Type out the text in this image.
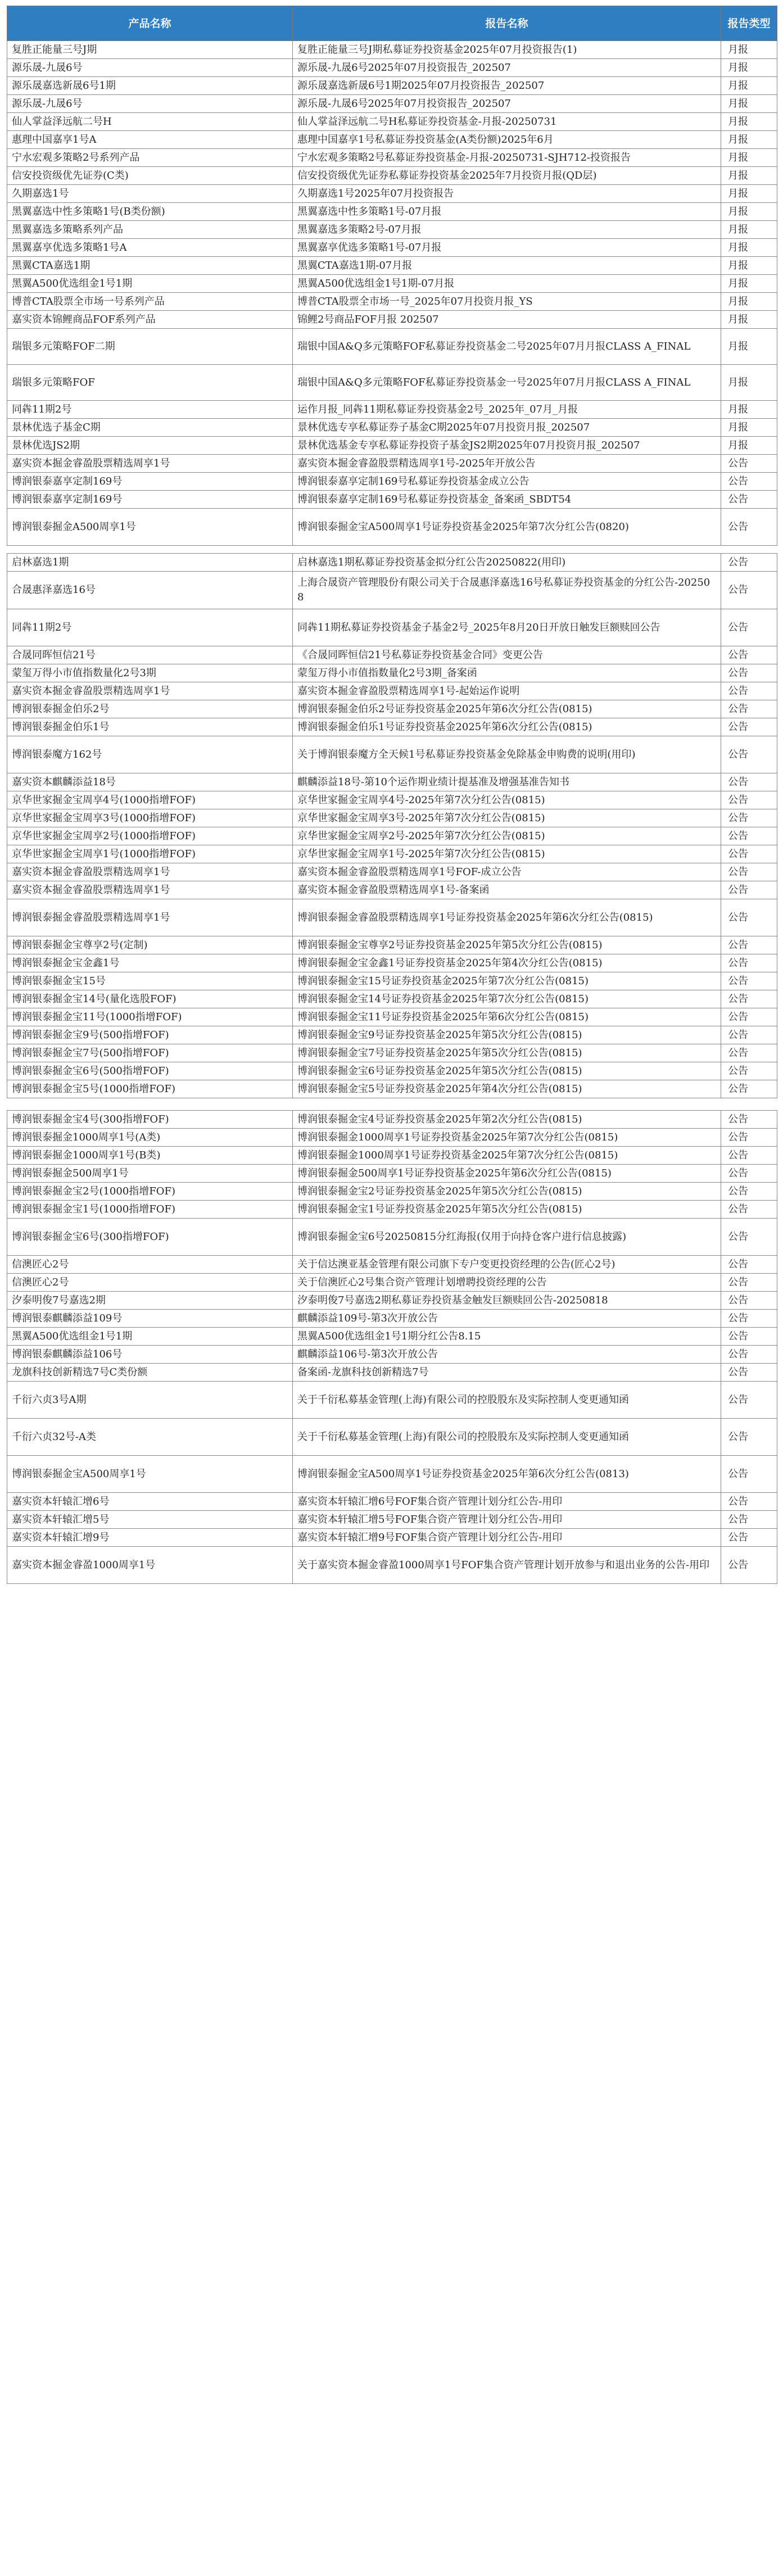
产品名称	报告名称	报告类型
复胜正能量三号J期	复胜正能量三号J期私募证券投资基金2025年07月投资报告(1)	月报
源乐晟-九晟6号	源乐晟-九晟6号2025年07月投资报告_202507	月报
源乐晟嘉选新晟6号1期	源乐晟嘉选新晟6号1期2025年07月投资报告_202507	月报
源乐晟-九晟6号	源乐晟-九晟6号2025年07月投资报告_202507	月报
仙人掌益泽远航二号H	仙人掌益泽远航二号H私募证券投资基金-月报-20250731	月报
惠理中国嘉享1号A	惠理中国嘉享1号私募证券投资基金(A类份额)2025年6月	月报
宁水宏观多策略2号系列产品	宁水宏观多策略2号私募证券投资基金-月报-20250731-SJH712-投资报告	月报
信安投资级优先证券(C类)	信安投资级优先证券私募证券投资基金2025年7月投资月报(QD层)	月报
久期嘉选1号	久期嘉选1号2025年07月投资报告	月报
黑翼嘉选中性多策略1号(B类份额)	黑翼嘉选中性多策略1号-07月报	月报
黑翼嘉选多策略系列产品	黑翼嘉选多策略2号-07月报	月报
黑翼嘉享优选多策略1号A	黑翼嘉享优选多策略1号-07月报	月报
黑翼CTA嘉选1期	黑翼CTA嘉选1期-07月报	月报
黑翼A500优选组金1号1期	黑翼A500优选组金1号1期-07月报	月报
博普CTA股票全市场一号系列产品	博普CTA股票全市场一号_2025年07月投资月报_YS	月报
嘉实资本锦鲤商品FOF系列产品	锦鲤2号商品FOF月报 202507	月报
瑞银多元策略FOF二期	瑞银中国A&Q多元策略FOF私募证券投资基金二号2025年07月月报CLASS A_FINAL	月报
瑞银多元策略FOF	瑞银中国A&Q多元策略FOF私募证券投资基金一号2025年07月月报CLASS A_FINAL	月报
同犇11期2号	运作月报_同犇11期私募证券投资基金2号_2025年_07月_月报	月报
景林优选子基金C期	景林优选专享私募证券子基金C期2025年07月投资月报_202507	月报
景林优选JS2期	景林优选基金专享私募证券投资子基金JS2期2025年07月投资月报_202507	月报
嘉实资本掘金睿盈股票精选周享1号	嘉实资本掘金睿盈股票精选周享1号-2025年开放公告	公告
博润银泰嘉享定制169号	博润银泰嘉享定制169号私募证券投资基金成立公告	公告
博润银泰嘉享定制169号	博润银泰嘉享定制169号私募证券投资基金_备案函_SBDT54	公告
博润银泰掘金A500周享1号	博润银泰掘金宝A500周享1号证券投资基金2025年第7次分红公告(0820)	公告

启林嘉选1期	启林嘉选1期私募证券投资基金拟分红公告20250822(用印)	公告
合晟惠泽嘉选16号	上海合晟资产管理股份有限公司关于合晟惠泽嘉选16号私募证券投资基金的分红公告-202508	公告
同犇11期2号	同犇11期私募证券投资基金子基金2号_2025年8月20日开放日触发巨额赎回公告	公告
合晟同晖恒信21号	《合晟同晖恒信21号私募证券投资基金合同》变更公告	公告
蒙玺万得小市值指数量化2号3期	蒙玺万得小市值指数量化2号3期_备案函	公告
嘉实资本掘金睿盈股票精选周享1号	嘉实资本掘金睿盈股票精选周享1号-起始运作说明	公告
博润银泰掘金伯乐2号	博润银泰掘金伯乐2号证券投资基金2025年第6次分红公告(0815)	公告
博润银泰掘金伯乐1号	博润银泰掘金伯乐1号证券投资基金2025年第6次分红公告(0815)	公告
博润银泰魔方162号	关于博润银泰魔方全天候1号私募证券投资基金免除基金申购费的说明(用印)	公告
嘉实资本麒麟添益18号	麒麟添益18号-第10个运作期业绩计提基准及增强基准告知书	公告
京华世家掘金宝周享4号(1000指增FOF)	京华世家掘金宝周享4号-2025年第7次分红公告(0815)	公告
京华世家掘金宝周享3号(1000指增FOF)	京华世家掘金宝周享3号-2025年第7次分红公告(0815)	公告
京华世家掘金宝周享2号(1000指增FOF)	京华世家掘金宝周享2号-2025年第7次分红公告(0815)	公告
京华世家掘金宝周享1号(1000指增FOF)	京华世家掘金宝周享1号-2025年第7次分红公告(0815)	公告
嘉实资本掘金睿盈股票精选周享1号	嘉实资本掘金睿盈股票精选周享1号FOF-成立公告	公告
嘉实资本掘金睿盈股票精选周享1号	嘉实资本掘金睿盈股票精选周享1号-备案函	公告
博润银泰掘金睿盈股票精选周享1号	博润银泰掘金睿盈股票精选周享1号证券投资基金2025年第6次分红公告(0815)	公告
博润银泰掘金宝尊享2号(定制)	博润银泰掘金宝尊享2号证券投资基金2025年第5次分红公告(0815)	公告
博润银泰掘金宝金鑫1号	博润银泰掘金宝金鑫1号证券投资基金2025年第4次分红公告(0815)	公告
博润银泰掘金宝15号	博润银泰掘金宝15号证券投资基金2025年第7次分红公告(0815)	公告
博润银泰掘金宝14号(量化选股FOF)	博润银泰掘金宝14号证券投资基金2025年第7次分红公告(0815)	公告
博润银泰掘金宝11号(1000指增FOF)	博润银泰掘金宝11号证券投资基金2025年第6次分红公告(0815)	公告
博润银泰掘金宝9号(500指增FOF)	博润银泰掘金宝9号证券投资基金2025年第5次分红公告(0815)	公告
博润银泰掘金宝7号(500指增FOF)	博润银泰掘金宝7号证券投资基金2025年第5次分红公告(0815)	公告
博润银泰掘金宝6号(500指增FOF)	博润银泰掘金宝6号证券投资基金2025年第5次分红公告(0815)	公告
博润银泰掘金宝5号(1000指增FOF)	博润银泰掘金宝5号证券投资基金2025年第4次分红公告(0815)	公告

博润银泰掘金宝4号(300指增FOF)	博润银泰掘金宝4号证券投资基金2025年第2次分红公告(0815)	公告
博润银泰掘金1000周享1号(A类)	博润银泰掘金1000周享1号证券投资基金2025年第7次分红公告(0815)	公告
博润银泰掘金1000周享1号(B类)	博润银泰掘金1000周享1号证券投资基金2025年第7次分红公告(0815)	公告
博润银泰掘金500周享1号	博润银泰掘金500周享1号证券投资基金2025年第6次分红公告(0815)	公告
博润银泰掘金宝2号(1000指增FOF)	博润银泰掘金宝2号证券投资基金2025年第5次分红公告(0815)	公告
博润银泰掘金宝1号(1000指增FOF)	博润银泰掘金宝1号证券投资基金2025年第5次分红公告(0815)	公告
博润银泰掘金宝6号(300指增FOF)	博润银泰掘金宝6号20250815分红海报(仅用于向持仓客户进行信息披露)	公告
信澳匠心2号	关于信达澳亚基金管理有限公司旗下专户变更投资经理的公告(匠心2号)	公告
信澳匠心2号	关于信澳匠心2号集合资产管理计划增聘投资经理的公告	公告
汐泰明俊7号嘉选2期	汐泰明俊7号嘉选2期私募证券投资基金触发巨额赎回公告-20250818	公告
博润银泰麒麟添益109号	麒麟添益109号-第3次开放公告	公告
黑翼A500优选组金1号1期	黑翼A500优选组金1号1期分红公告8.15	公告
博润银泰麒麟添益106号	麒麟添益106号-第3次开放公告	公告
龙旗科技创新精选7号C类份额	备案函-龙旗科技创新精选7号	公告
千衍六贞3号A期	关于千衍私募基金管理(上海)有限公司的控股股东及实际控制人变更通知函	公告
千衍六贞32号-A类	关于千衍私募基金管理(上海)有限公司的控股股东及实际控制人变更通知函	公告
博润银泰掘金宝A500周享1号	博润银泰掘金宝A500周享1号证券投资基金2025年第6次分红公告(0813)	公告
嘉实资本轩辕汇增6号	嘉实资本轩辕汇增6号FOF集合资产管理计划分红公告-用印	公告
嘉实资本轩辕汇增5号	嘉实资本轩辕汇增5号FOF集合资产管理计划分红公告-用印	公告
嘉实资本轩辕汇增9号	嘉实资本轩辕汇增9号FOF集合资产管理计划分红公告-用印	公告
嘉实资本掘金睿盈1000周享1号	关于嘉实资本掘金睿盈1000周享1号FOF集合资产管理计划开放参与和退出业务的公告-用印	公告
